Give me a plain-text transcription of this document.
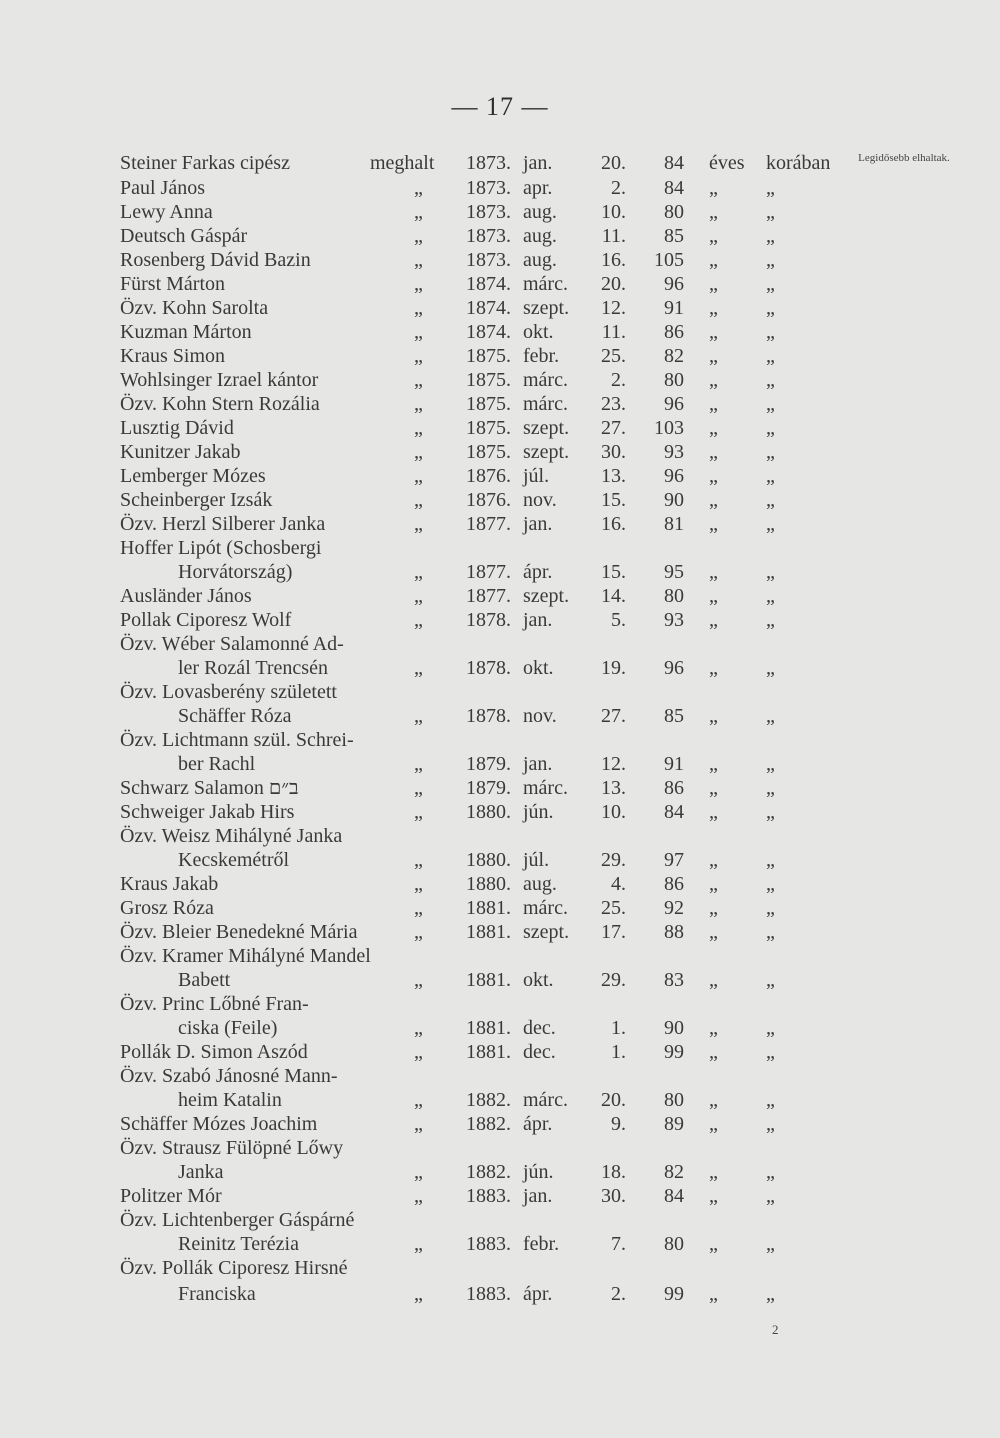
— 17 —
Legidősebb elhaltak.
Steiner Farkas cipész	meghalt 1873. jan. 20. 84 éves korában
Paul János	„ 1873. apr.	2. 84 „ „
Lewy Anna	„ 1873. aug. 10. 80 „ „
Deutsch Gáspár	„ 1873. aug. 11. 85 „ „
Rosenberg Dávid Bazin	„ 1873. aug. 16. 105 „ „
Fürst Márton	„ 1874. márc. 20. 96 „ „
Özv. Kohn Sarolta	„ 1874. szept. 12. 91 „ „
Kuzman Márton	„ 1874. okt. 11. 86 „ „
Kraus Simon	„ 1875. febr. 25. 82 „ „
Wohlsinger Izrael kántor	„ 1875. márc. 2. 80 „ „
Özv. Kohn Stern Rozália	„ 1875. márc. 23. 96 „ „
Lusztig Dávid	„ 1875. szept. 27. 103 „ „
Kunitzer Jakab	„ 1875. szept. 30. 93 „ „
Lemberger Mózes	„ 1876. júl.	13. 96 „ „
Scheinberger Izsák	„ 1876. nov. 15. 90 „ „
Özv. Herzl Silberer Janka	„ 1877. jan. 16. 81 „ „
Hoffer Lipót (Schosbergi
Horvátország)	„ 1877. ápr. 15. 95 „ „
Ausländer János	„ 1877. szept. 14. 80 „ „
Pollak Ciporesz Wolf	„ 1878. jan.	5. 93 „ „
Özv. Wéber Salamonné Ad-
ler Rozál Trencsén	„ 1878. okt. 19. 96 „ „
Özv. Lovasberény született
Schäffer Róza	„ 1878. nov. 27. 85 „ „
Özv. Lichtmann szül. Schrei-
ber Rachl	„ 1879. jan. 12. 91 „ „
Schwarz Salamon ב״ם	„ 1879. márc. 13. 86 „ „
Schweiger Jakab Hirs	„ 1880. jún. 10. 84 „ „
Özv. Weisz Mihályné Janka
Kecskemétről	„ 1880. júl.	29. 97 „ „
Kraus Jakab	„ 1880. aug.	4. 86 „ „
Grosz Róza	„ 1881. márc. 25. 92 „ „
Özv. Bleier Benedekné Mária	„ 1881. szept. 17. 88 „ „
Özv. Kramer Mihályné Mandel
Babett	„ 1881. okt. 29. 83 „ „
Özv. Princ Lőbné Fran-
ciska (Feile)	„ 1881. dec.	1. 90 „ „
Pollák D. Simon Aszód	„ 1881. dec.	1. 99 „ „
Özv. Szabó Jánosné Mann-
heim Katalin	„ 1882. márc. 20. 80 „ „
Schäffer Mózes Joachim	„ 1882. ápr.	9. 89 „ „
Özv. Strausz Fülöpné Lőwy
Janka	„ 1882. jún. 18. 82 „ „
Politzer Mór	„ 1883. jan. 30. 84 „ „
Özv. Lichtenberger Gáspárné
Reinitz Terézia	„ 1883. febr.	7. 80 „ „
Özv. Pollák Ciporesz Hirsné
Franciska	„ 1883. ápr.	2. 99 „ „
2
